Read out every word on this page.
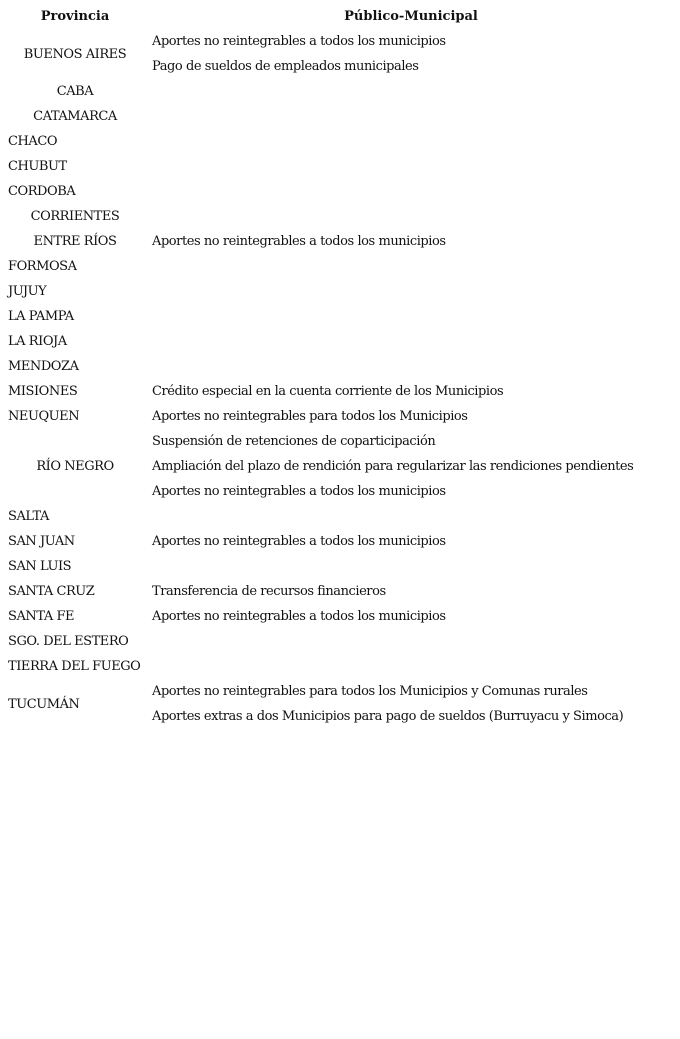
Provincia	Público-Municipal
BUENOS AIRES	Aportes no reintegrables a todos los municipios
	Pago de sueldos de empleados municipales
CABA	
CATAMARCA	
CHACO	
CHUBUT	
CORDOBA	
CORRIENTES	
ENTRE RÍOS	Aportes no reintegrables a todos los municipios
FORMOSA	
JUJUY	
LA PAMPA	
LA RIOJA	
MENDOZA	
MISIONES	Crédito especial en la cuenta corriente de los Municipios
NEUQUEN	Aportes no reintegrables para todos los Municipios
RÍO NEGRO	Suspensión de retenciones de coparticipación
	Ampliación del plazo de rendición para regularizar las rendiciones pendientes
	Aportes no reintegrables a todos los municipios
SALTA	
SAN JUAN	Aportes no reintegrables a todos los municipios
SAN LUIS	
SANTA CRUZ	Transferencia de recursos financieros
SANTA FE	Aportes no reintegrables a todos los municipios
SGO. DEL ESTERO	
TIERRA DEL FUEGO	
TUCUMÁN	Aportes no reintegrables para todos los Municipios y Comunas rurales
	Aportes extras a dos Municipios para pago de sueldos (Burruyacu y Simoca)
